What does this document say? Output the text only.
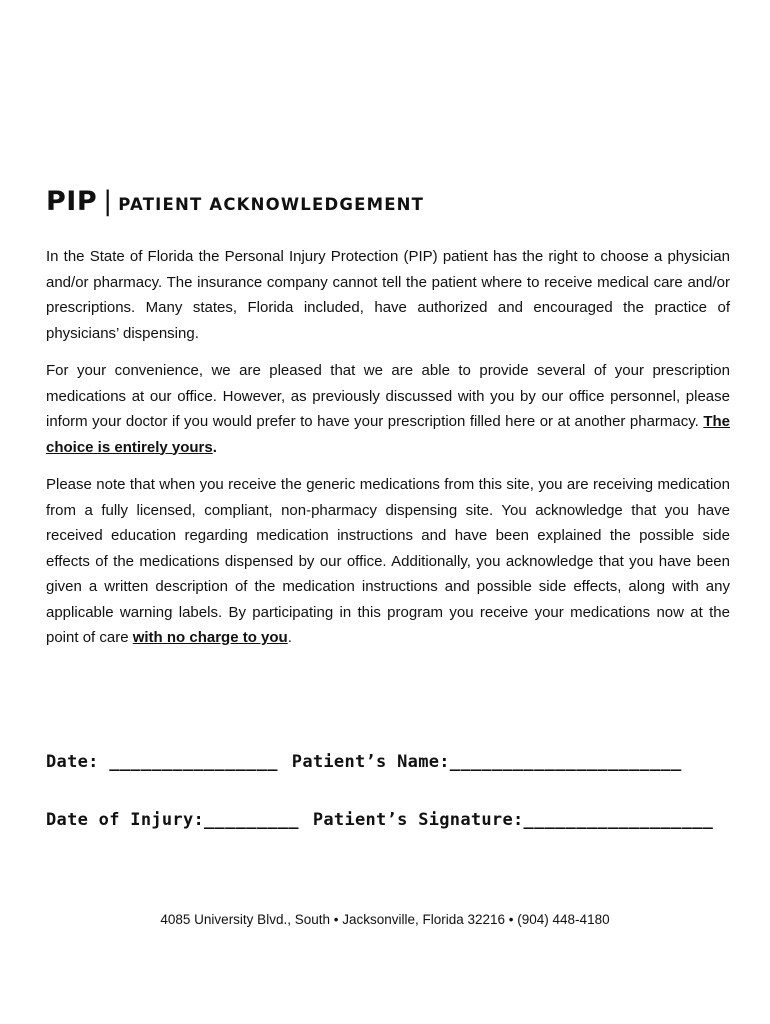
PIP | PATIENT ACKNOWLEDGEMENT

In the State of Florida the Personal Injury Protection (PIP) patient has the right to choose a physician and/or pharmacy. The insurance company cannot tell the patient where to receive medical care and/or prescriptions. Many states, Florida included, have authorized and encouraged the practice of physicians’ dispensing.

For your convenience, we are pleased that we are able to provide several of your prescription medications at our office. However, as previously discussed with you by our office personnel, please inform your doctor if you would prefer to have your prescription filled here or at another pharmacy. The choice is entirely yours.

Please note that when you receive the generic medications from this site, you are receiving medication from a fully licensed, compliant, non-pharmacy dispensing site. You acknowledge that you have received education regarding medication instructions and have been explained the possible side effects of the medications dispensed by our office. Additionally, you acknowledge that you have been given a written description of the medication instructions and possible side effects, along with any applicable warning labels. By participating in this program you receive your medications now at the point of care with no charge to you.

Date: ________________ Patient’s Name:______________________
Date of Injury:_________ Patient’s Signature:__________________
4085 University Blvd., South • Jacksonville, Florida 32216 • (904) 448-4180
